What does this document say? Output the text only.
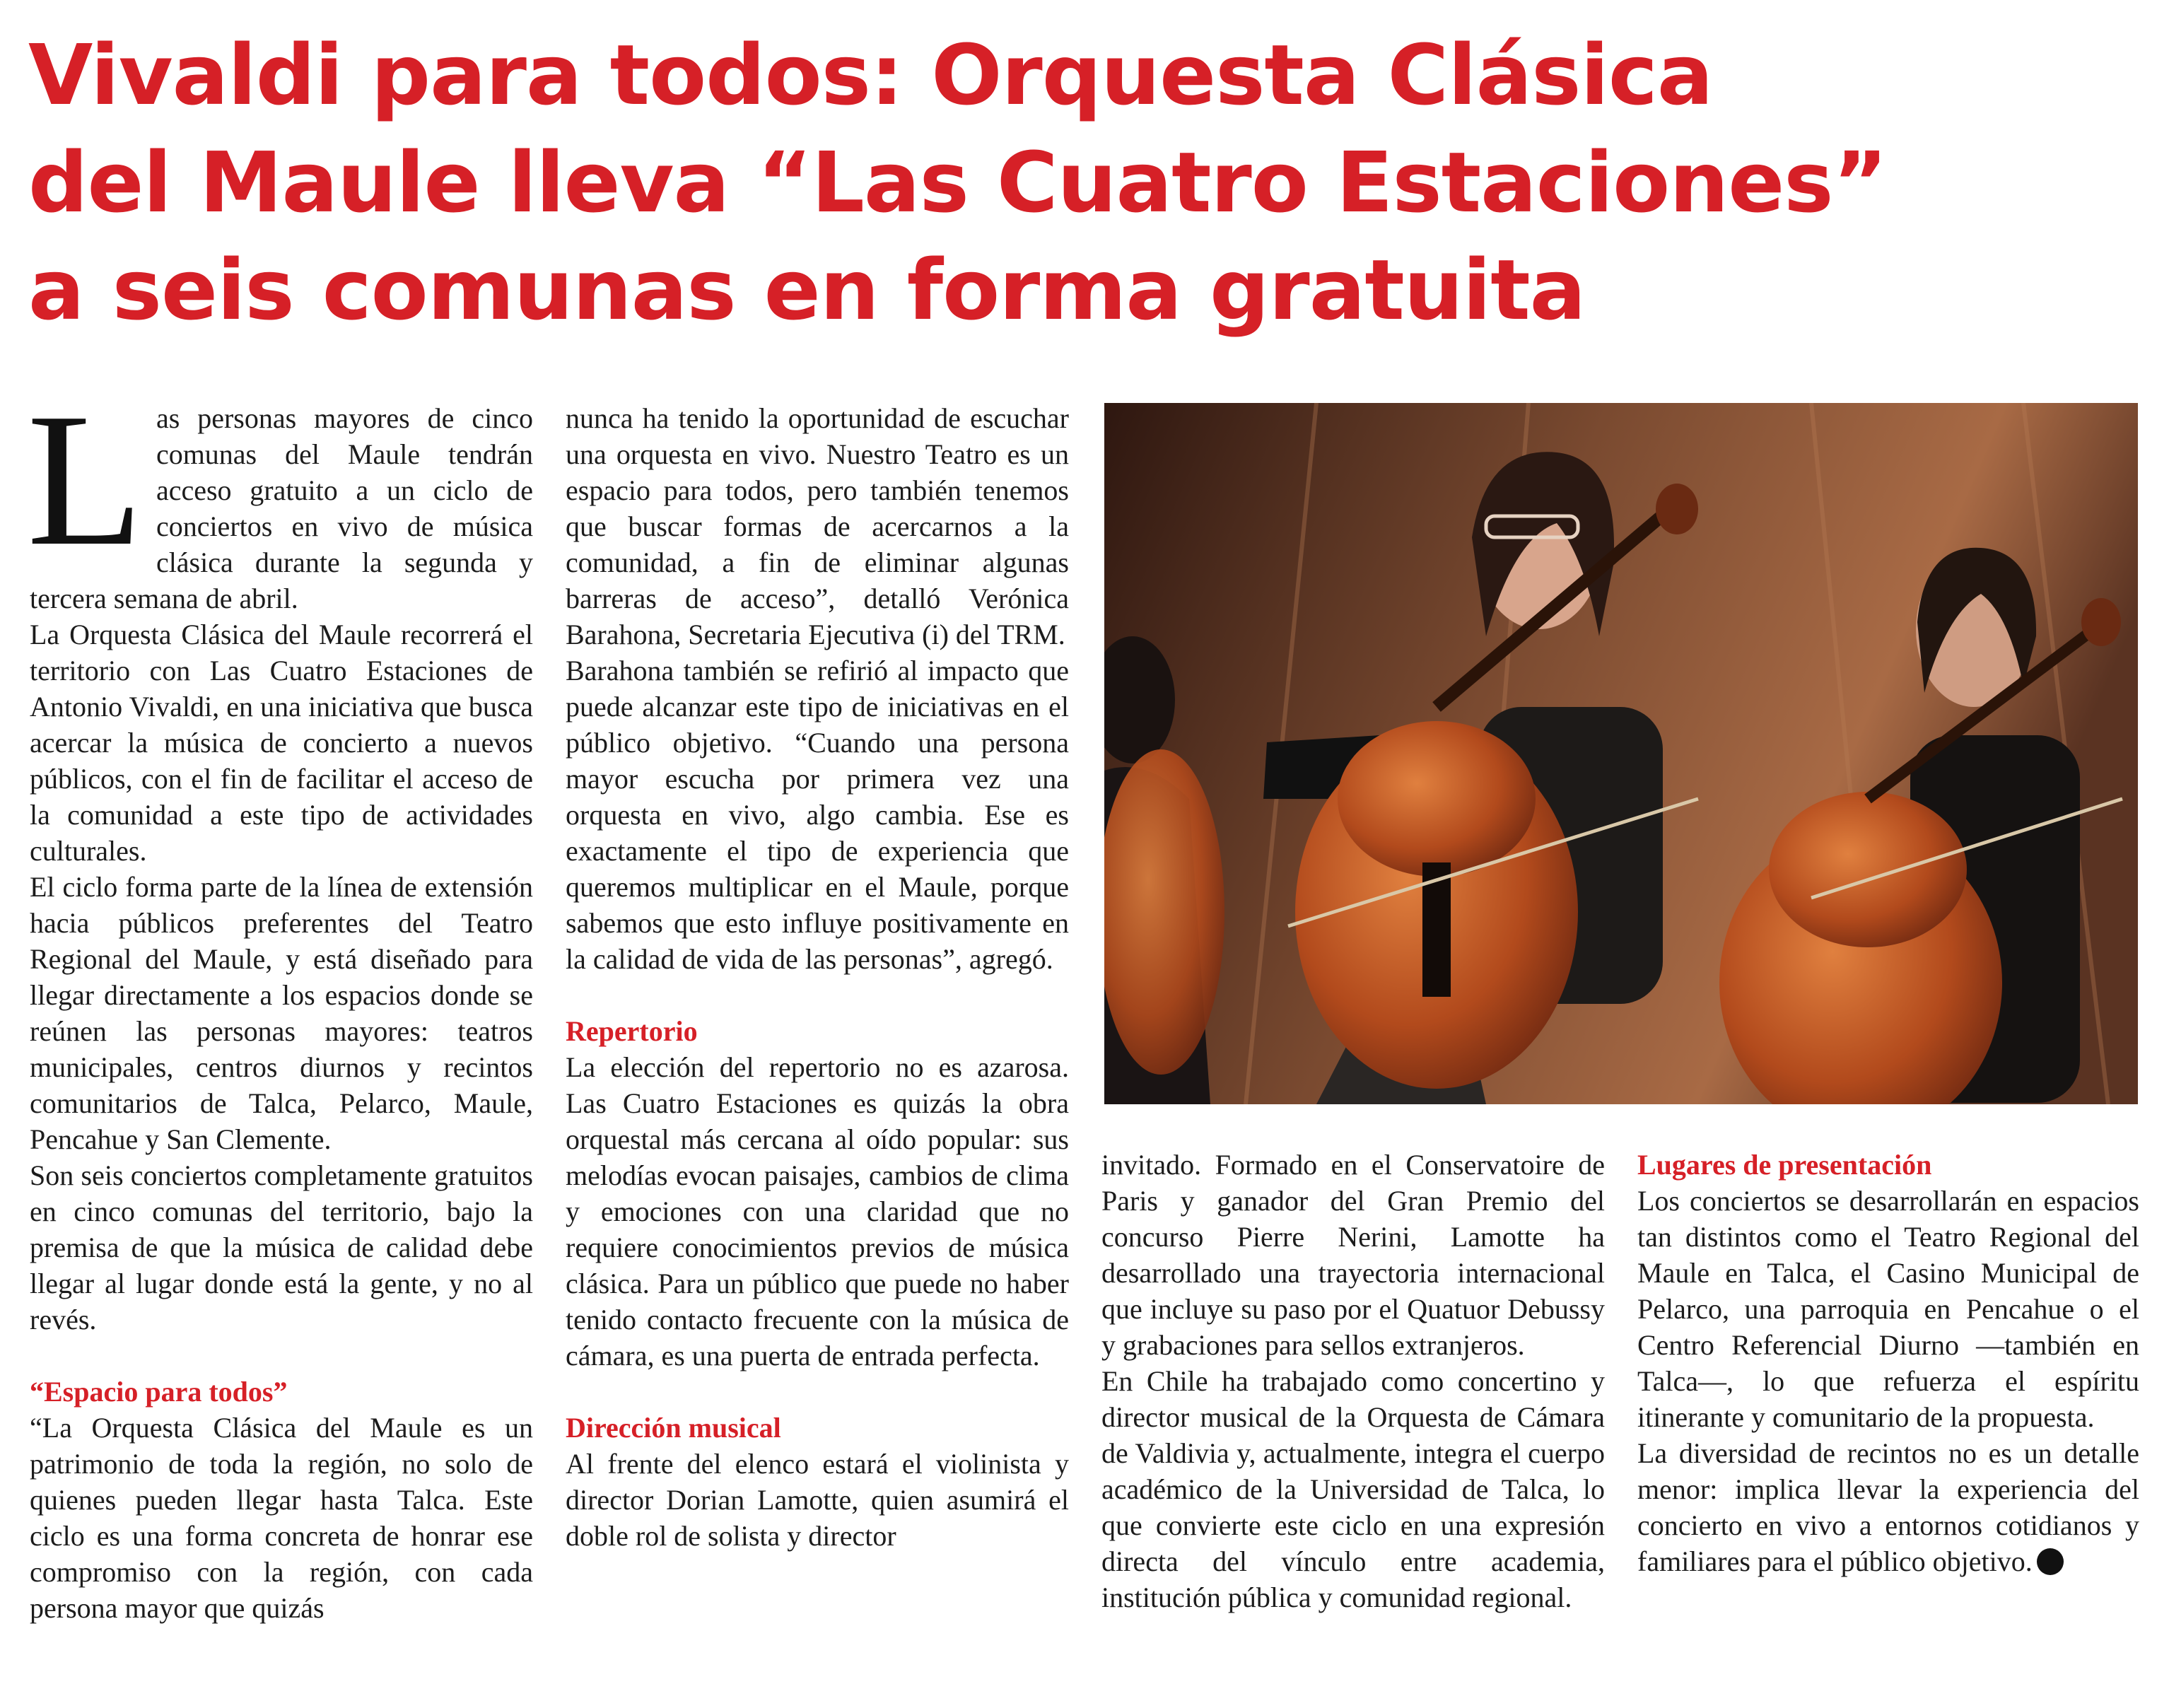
Vivaldi para todos: Orquesta Clásica
del Maule lleva “Las Cuatro Estaciones”
a seis comunas en forma gratuita

Las personas mayores de cinco comunas del Maule tendrán acceso gratuito a un ciclo de conciertos en vivo de música clásica durante la segunda y tercera semana de abril.

La Orquesta Clásica del Maule recorrerá el territorio con Las Cuatro Estaciones de Antonio Vivaldi, en una iniciativa que busca acercar la música de concierto a nuevos públicos, con el fin de facilitar el acceso de la comunidad a este tipo de actividades culturales.

El ciclo forma parte de la línea de extensión hacia públicos preferentes del Teatro Regional del Maule, y está diseñado para llegar directamente a los espacios donde se reúnen las personas mayores: teatros municipales, centros diurnos y recintos comunitarios de Talca, Pelarco, Maule, Pencahue y San Clemente.

Son seis conciertos completamente gratuitos en cinco comunas del territorio, bajo la premisa de que la música de calidad debe llegar al lugar donde está la gente, y no al revés.

“Espacio para todos”

“La Orquesta Clásica del Maule es un patrimonio de toda la región, no solo de quienes pueden llegar hasta Talca. Este ciclo es una forma concreta de honrar ese compromiso con la región, con cada persona mayor que quizás

nunca ha tenido la oportunidad de escuchar una orquesta en vivo. Nuestro Teatro es un espacio para todos, pero también tenemos que buscar formas de acercarnos a la comunidad, a fin de eliminar algunas barreras de acceso”, detalló Verónica Barahona, Secretaria Ejecutiva (i) del TRM.

Barahona también se refirió al impacto que puede alcanzar este tipo de iniciativas en el público objetivo. “Cuando una persona mayor escucha por primera vez una orquesta en vivo, algo cambia. Ese es exactamente el tipo de experiencia que queremos multiplicar en el Maule, porque sabemos que esto influye positivamente en la calidad de vida de las personas”, agregó.

Repertorio

La elección del repertorio no es azarosa. Las Cuatro Estaciones es quizás la obra orquestal más cercana al oído popular: sus melodías evocan paisajes, cambios de clima y emociones con una claridad que no requiere conocimientos previos de música clásica. Para un público que puede no haber tenido contacto frecuente con la música de cámara, es una puerta de entrada perfecta.

Dirección musical

Al frente del elenco estará el violinista y director Dorian Lamotte, quien asumirá el doble rol de solista y director

invitado. Formado en el Conservatoire de Paris y ganador del Gran Premio del concurso Pierre Nerini, Lamotte ha desarrollado una trayectoria internacional que incluye su paso por el Quatuor Debussy y grabaciones para sellos extranjeros.

En Chile ha trabajado como concertino y director musical de la Orquesta de Cámara de Valdivia y, actualmente, integra el cuerpo académico de la Universidad de Talca, lo que convierte este ciclo en una expresión directa del vínculo entre academia, institución pública y comunidad regional.

Lugares de presentación

Los conciertos se desarrollarán en espacios tan distintos como el Teatro Regional del Maule en Talca, el Casino Municipal de Pelarco, una parroquia en Pencahue o el Centro Referencial Diurno —también en Talca—, lo que refuerza el espíritu itinerante y comunitario de la propuesta.

La diversidad de recintos no es un detalle menor: implica llevar la experiencia del concierto en vivo a entornos cotidianos y familiares para el público objetivo.
